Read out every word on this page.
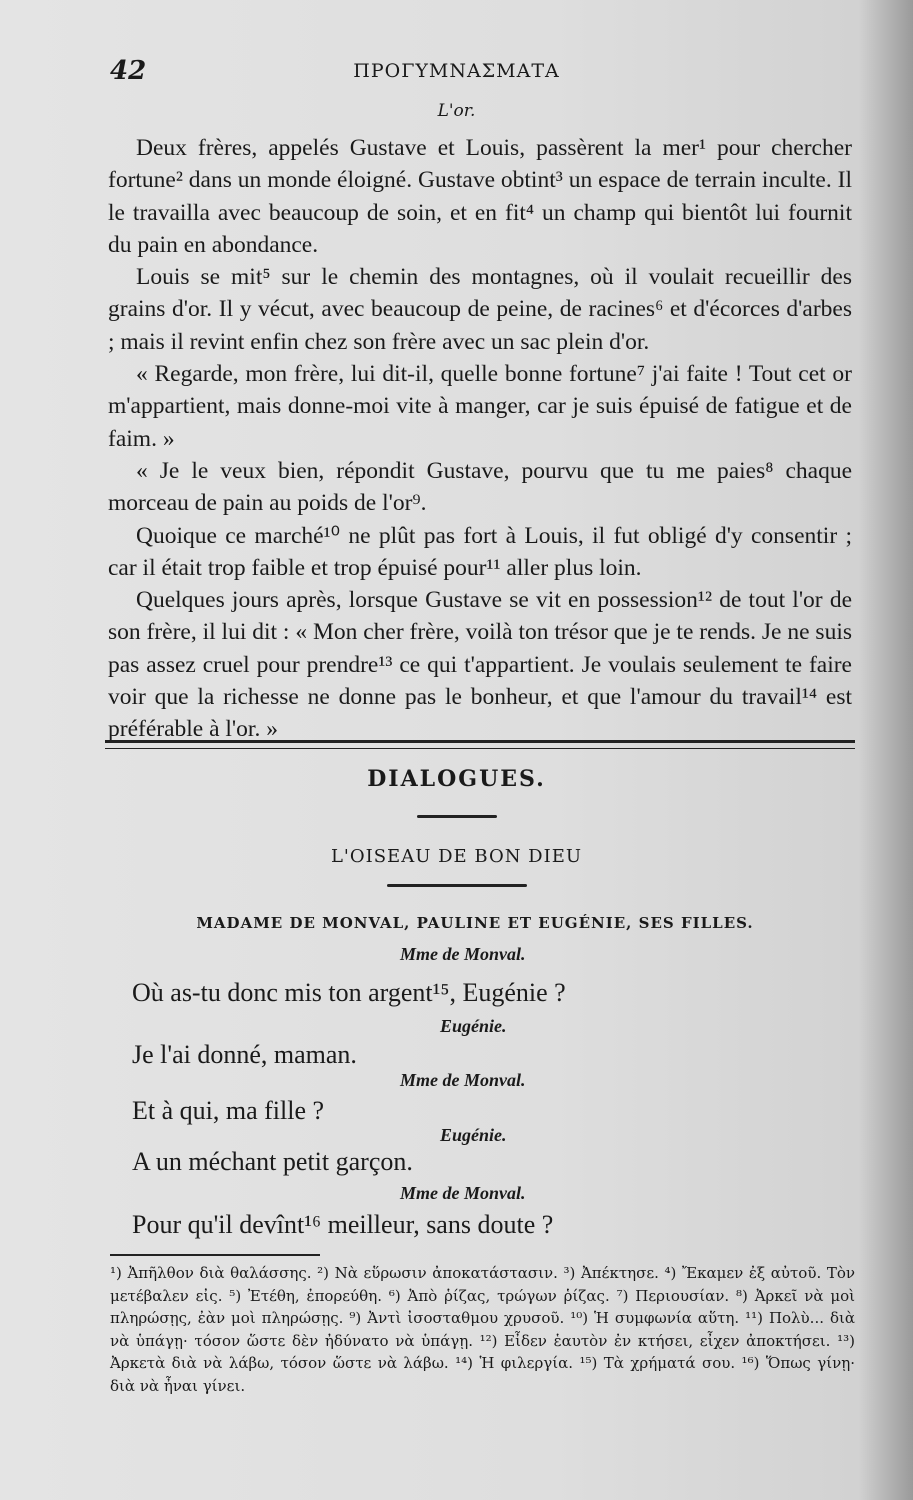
42	ΠΡΟΓΥΜΝΑΣΜΑΤΑ
L'or.

Deux frères, appelés Gustave et Louis, passèrent la mer¹ pour chercher fortune² dans un monde éloigné. Gustave obtint³ un espace de terrain inculte. Il le travailla avec beaucoup de soin, et en fit⁴ un champ qui bientôt lui fournit du pain en abondance.

Louis se mit⁵ sur le chemin des montagnes, où il voulait recueillir des grains d'or. Il y vécut, avec beaucoup de peine, de racines⁶ et d'écorces d'arbes ; mais il revint enfin chez son frère avec un sac plein d'or.

« Regarde, mon frère, lui dit-il, quelle bonne fortune⁷ j'ai faite ! Tout cet or m'appartient, mais donne-moi vite à manger, car je suis épuisé de fatigue et de faim. »

« Je le veux bien, répondit Gustave, pourvu que tu me paies⁸ chaque morceau de pain au poids de l'or⁹.

Quoique ce marché¹⁰ ne plût pas fort à Louis, il fut obligé d'y consentir ; car il était trop faible et trop épuisé pour¹¹ aller plus loin.

Quelques jours après, lorsque Gustave se vit en possession¹² de tout l'or de son frère, il lui dit : « Mon cher frère, voilà ton trésor que je te rends. Je ne suis pas assez cruel pour prendre¹³ ce qui t'appartient. Je voulais seulement te faire voir que la richesse ne donne pas le bonheur, et que l'amour du travail¹⁴ est préférable à l'or. »

DIALOGUES.
L'OISEAU DE BON DIEU
MADAME DE MONVAL, PAULINE ET EUGÉNIE, SES FILLES.
Mme de Monval.
Où as-tu donc mis ton argent¹⁵, Eugénie ?
Eugénie.
Je l'ai donné, maman.
Mme de Monval.
Et à qui, ma fille ?
Eugénie.
A un méchant petit garçon.
Mme de Monval.
Pour qu'il devînt¹⁶ meilleur, sans doute ?
¹) Ἀπῆλθον διὰ θαλάσσης. ²) Νὰ εὕρωσιν ἀποκατάστασιν. ³) Ἀπέκτησε. ⁴) Ἔκαμεν ἐξ αὐτοῦ. Τὸν μετέβαλεν εἰς. ⁵) Ἐτέθη, ἐπορεύθη. ⁶) Ἀπὸ ῥίζας, τρώγων ῥίζας. ⁷) Περιουσίαν. ⁸) Ἀρκεῖ νὰ μοὶ πληρώσῃς, ἐὰν μοὶ πληρώσῃς. ⁹) Ἀντὶ ἰσοσταθμου χρυσοῦ. ¹⁰) Ἡ συμφωνία αὕτη. ¹¹) Πολὺ... διὰ νὰ ὑπάγῃ· τόσον ὥστε δὲν ἠδύνατο νὰ ὑπάγῃ. ¹²) Εἶδεν ἑαυτὸν ἐν κτήσει, εἶχεν ἀποκτήσει. ¹³) Ἀρκετὰ διὰ νὰ λάβω, τόσον ὥστε νὰ λάβω. ¹⁴) Ἡ φιλεργία. ¹⁵) Τὰ χρήματά σου. ¹⁶) Ὅπως γίνῃ· διὰ νὰ ἦναι γίνει.
